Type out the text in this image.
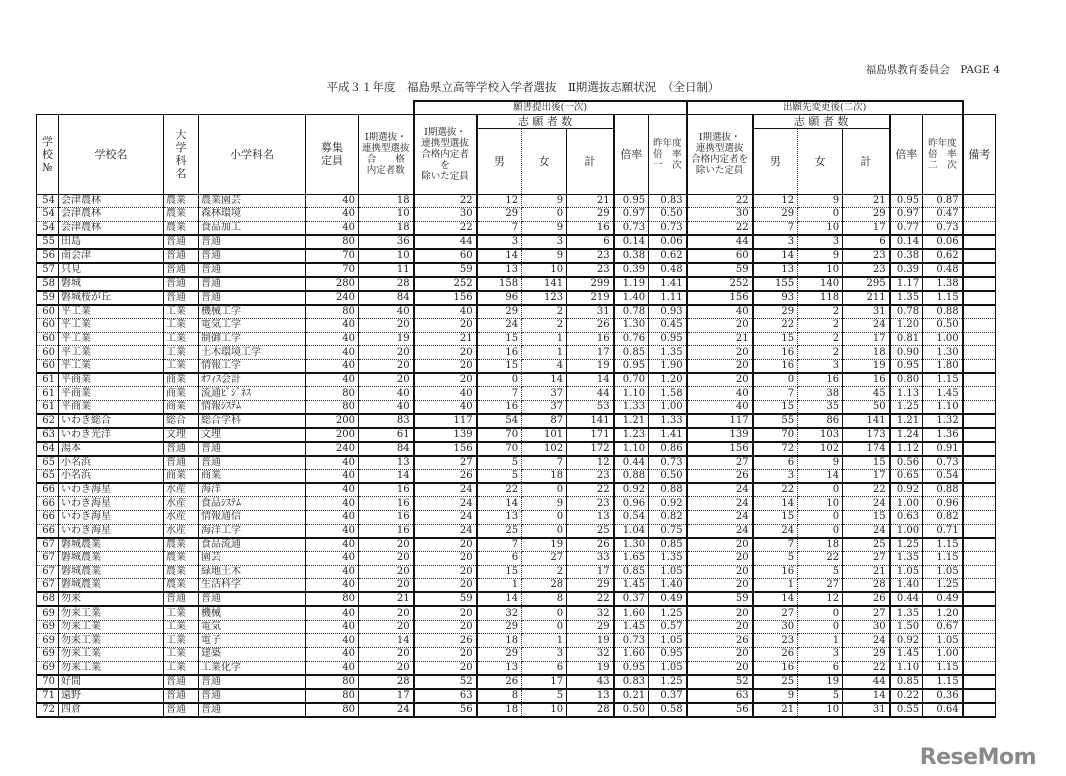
福島県教育委員会　PAGE 4
平成３１年度　福島県立高等学校入学者選抜　Ⅱ期選抜志願状況　（全日制）
						願書提出後(一次)						出願先変更後(二次)						
学
校
№	学校名	大
学
科
名	小学科名	募集
定員	Ⅰ期選抜・
連携型選抜
合　　格
内定者数	Ⅰ期選抜・
連携型選抜
合格内定者を
除いた定員	志 願 者 数			倍率	昨年度
倍　率
一　次	Ⅰ期選抜・
連携型選抜
合格内定者を
除いた定員	志 願 者 数			倍率	昨年度
倍　率
二　次	備考
							男	女	計				男	女	計			
54	会津農林	農業	農業園芸	40	18	22	12	9	21	0.95	0.83	22	12	9	21	0.95	0.87	
54	会津農林	農業	森林環境	40	10	30	29	0	29	0.97	0.50	30	29	0	29	0.97	0.47	
54	会津農林	農業	食品加工	40	18	22	7	9	16	0.73	0.73	22	7	10	17	0.77	0.73	
55	田島	普通	普通	80	36	44	3	3	6	0.14	0.06	44	3	3	6	0.14	0.06	
56	南会津	普通	普通	70	10	60	14	9	23	0.38	0.62	60	14	9	23	0.38	0.62	
57	只見	普通	普通	70	11	59	13	10	23	0.39	0.48	59	13	10	23	0.39	0.48	
58	磐城	普通	普通	280	28	252	158	141	299	1.19	1.41	252	155	140	295	1.17	1.38	
59	磐城桜が丘	普通	普通	240	84	156	96	123	219	1.40	1.11	156	93	118	211	1.35	1.15	
60	平工業	工業	機械工学	80	40	40	29	2	31	0.78	0.93	40	29	2	31	0.78	0.88	
60	平工業	工業	電気工学	40	20	20	24	2	26	1.30	0.45	20	22	2	24	1.20	0.50	
60	平工業	工業	制御工学	40	19	21	15	1	16	0.76	0.95	21	15	2	17	0.81	1.00	
60	平工業	工業	土木環境工学	40	20	20	16	1	17	0.85	1.35	20	16	2	18	0.90	1.30	
60	平工業	工業	情報工学	40	20	20	15	4	19	0.95	1.90	20	16	3	19	0.95	1.80	
61	平商業	商業	ｵﾌｨｽ会計	40	20	20	0	14	14	0.70	1.20	20	0	16	16	0.80	1.15	
61	平商業	商業	流通ﾋﾞｼﾞﾈｽ	80	40	40	7	37	44	1.10	1.58	40	7	38	45	1.13	1.45	
61	平商業	商業	情報ｼｽﾃﾑ	80	40	40	16	37	53	1.33	1.00	40	15	35	50	1.25	1.10	
62	いわき総合	総合	総合学科	200	83	117	54	87	141	1.21	1.33	117	55	86	141	1.21	1.32	
63	いわき光洋	文理	文理	200	61	139	70	101	171	1.23	1.41	139	70	103	173	1.24	1.36	
64	湯本	普通	普通	240	84	156	70	102	172	1.10	0.86	156	72	102	174	1.12	0.91	
65	小名浜	普通	普通	40	13	27	5	7	12	0.44	0.73	27	6	9	15	0.56	0.73	
65	小名浜	商業	商業	40	14	26	5	18	23	0.88	0.50	26	3	14	17	0.65	0.54	
66	いわき海星	水産	海洋	40	16	24	22	0	22	0.92	0.88	24	22	0	22	0.92	0.88	
66	いわき海星	水産	食品ｼｽﾃﾑ	40	16	24	14	9	23	0.96	0.92	24	14	10	24	1.00	0.96	
66	いわき海星	水産	情報通信	40	16	24	13	0	13	0.54	0.82	24	15	0	15	0.63	0.82	
66	いわき海星	水産	海洋工学	40	16	24	25	0	25	1.04	0.75	24	24	0	24	1.00	0.71	
67	磐城農業	農業	食品流通	40	20	20	7	19	26	1.30	0.85	20	7	18	25	1.25	1.15	
67	磐城農業	農業	園芸	40	20	20	6	27	33	1.65	1.35	20	5	22	27	1.35	1.15	
67	磐城農業	農業	緑地土木	40	20	20	15	2	17	0.85	1.05	20	16	5	21	1.05	1.05	
67	磐城農業	農業	生活科学	40	20	20	1	28	29	1.45	1.40	20	1	27	28	1.40	1.25	
68	勿来	普通	普通	80	21	59	14	8	22	0.37	0.49	59	14	12	26	0.44	0.49	
69	勿来工業	工業	機械	40	20	20	32	0	32	1.60	1.25	20	27	0	27	1.35	1.20	
69	勿来工業	工業	電気	40	20	20	29	0	29	1.45	0.57	20	30	0	30	1.50	0.67	
69	勿来工業	工業	電子	40	14	26	18	1	19	0.73	1.05	26	23	1	24	0.92	1.05	
69	勿来工業	工業	建築	40	20	20	29	3	32	1.60	0.95	20	26	3	29	1.45	1.00	
69	勿来工業	工業	工業化学	40	20	20	13	6	19	0.95	1.05	20	16	6	22	1.10	1.15	
70	好間	普通	普通	80	28	52	26	17	43	0.83	1.25	52	25	19	44	0.85	1.15	
71	遠野	普通	普通	80	17	63	8	5	13	0.21	0.37	63	9	5	14	0.22	0.36	
72	四倉	普通	普通	80	24	56	18	10	28	0.50	0.58	56	21	10	31	0.55	0.64	
ReseMom
